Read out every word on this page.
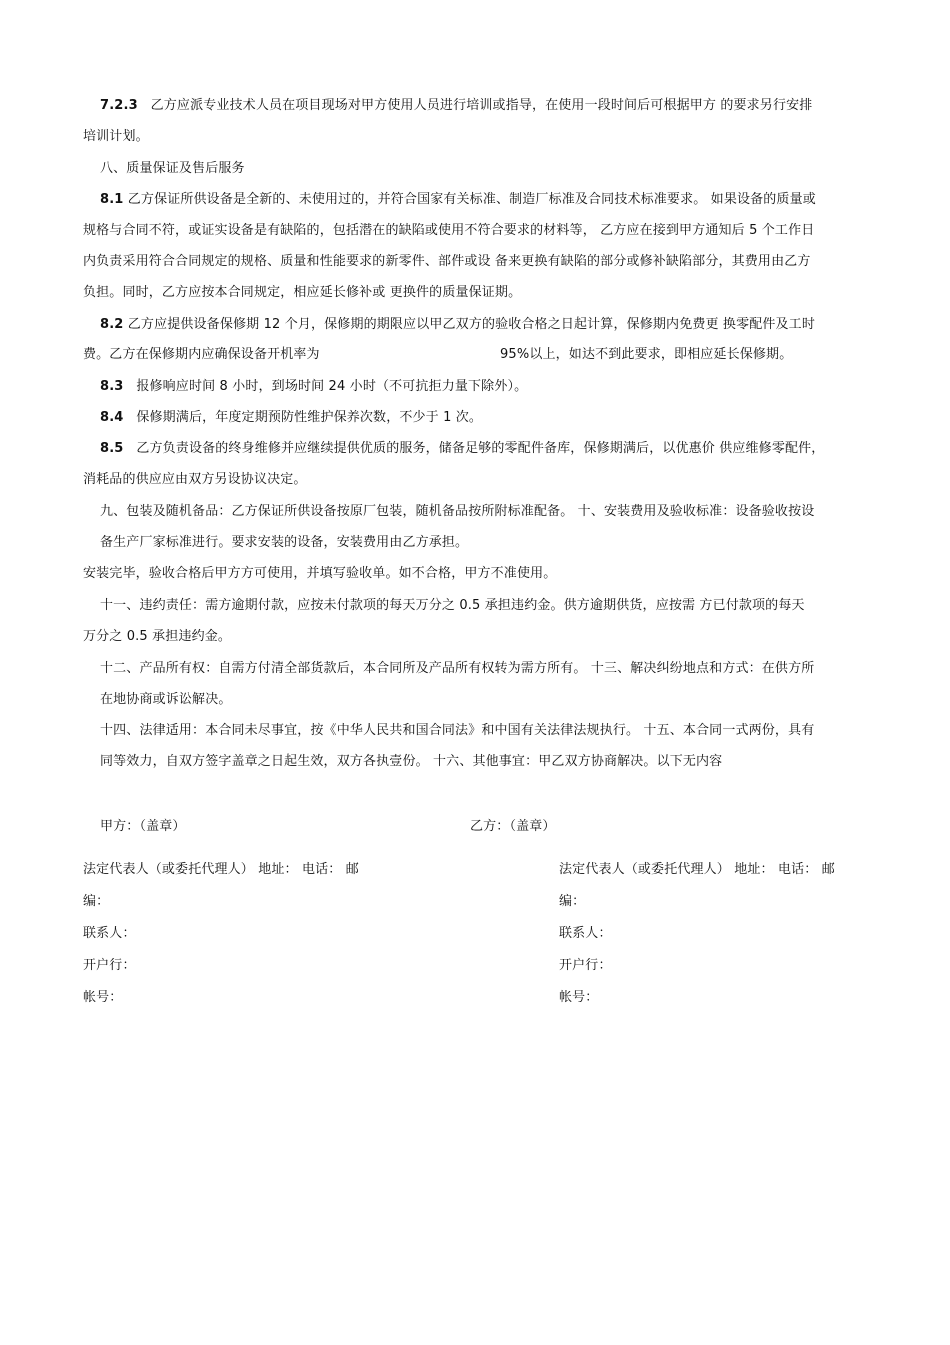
7.2.3 乙方应派专业技术人员在项目现场对甲方使用人员进行培训或指导，在使用一段时间后可根据甲方 的要求另行安排
培训计划。
八、质量保证及售后服务
8.1 乙方保证所供设备是全新的、未使用过的，并符合国家有关标准、制造厂标准及合同技术标准要求。 如果设备的质量或
规格与合同不符，或证实设备是有缺陷的，包括潜在的缺陷或使用不符合要求的材料等， 乙方应在接到甲方通知后 5 个工作日
内负责采用符合合同规定的规格、质量和性能要求的新零件、部件或设 备来更换有缺陷的部分或修补缺陷部分，其费用由乙方
负担。同时，乙方应按本合同规定，相应延长修补或 更换件的质量保证期。
8.2 乙方应提供设备保修期 12 个月，保修期的期限应以甲乙双方的验收合格之日起计算，保修期内免费更 换零配件及工时
费。乙方在保修期内应确保设备开机率为	95%以上，如达不到此要求，即相应延长保修期。
8.3 报修响应时间 8 小时，到场时间 24 小时（不可抗拒力量下除外）。
8.4 保修期满后，年度定期预防性维护保养次数，不少于 1 次。
8.5 乙方负责设备的终身维修并应继续提供优质的服务，储备足够的零配件备库，保修期满后，以优惠价 供应维修零配件，
消耗品的供应应由双方另设协议决定。
九、包装及随机备品：乙方保证所供设备按原厂包装，随机备品按所附标准配备。 十、安装费用及验收标准：设备验收按设
备生产厂家标准进行。要求安装的设备，安装费用由乙方承担。
安装完毕，验收合格后甲方方可使用，并填写验收单。如不合格，甲方不准使用。
十一、违约责任：需方逾期付款，应按未付款项的每天万分之 0.5 承担违约金。供方逾期供货，应按需 方已付款项的每天
万分之 0.5 承担违约金。
十二、产品所有权：自需方付清全部货款后，本合同所及产品所有权转为需方所有。 十三、解决纠纷地点和方式：在供方所
在地协商或诉讼解决。
十四、法律适用：本合同未尽事宜，按《中华人民共和国合同法》和中国有关法律法规执行。 十五、本合同一式两份，具有
同等效力，自双方签字盖章之日起生效，双方各执壹份。 十六、其他事宜：甲乙双方协商解决。以下无内容
甲方：（盖章）
法定代表人（或委托代理人） 地址： 电话： 邮
编：
联系人：
开户行：
帐号：
乙方：（盖章）
法定代表人（或委托代理人） 地址： 电话： 邮
编：
联系人：
开户行：
帐号：
